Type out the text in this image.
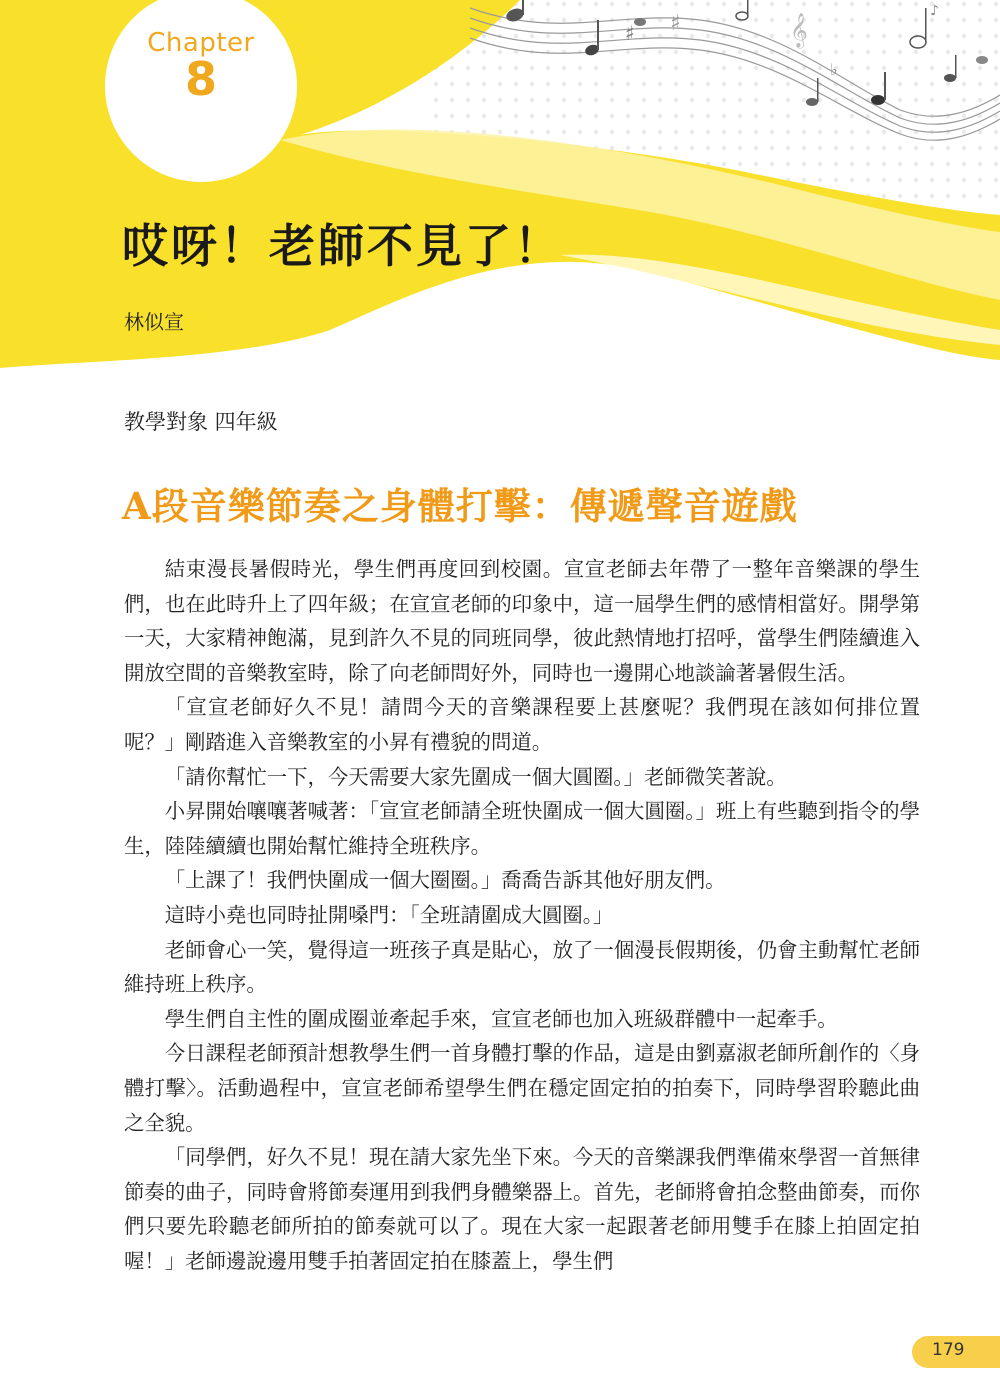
♯
♯	𝄞
♭
♪
Chapter
8
哎呀！老師不見了！
林似宣
教學對象 四年級
A段音樂節奏之身體打擊：傳遞聲音遊戲

結束漫長暑假時光，學生們再度回到校園。宣宣老師去年帶了一整年音樂課的學生們，也在此時升上了四年級；在宣宣老師的印象中，這一屆學生們的感情相當好。開學第一天，大家精神飽滿，見到許久不見的同班同學，彼此熱情地打招呼，當學生們陸續進入開放空間的音樂教室時，除了向老師問好外，同時也一邊開心地談論著暑假生活。

「宣宣老師好久不見！請問今天的音樂課程要上甚麼呢？我們現在該如何排位置呢？」剛踏進入音樂教室的小昇有禮貌的問道。

「請你幫忙一下，今天需要大家先圍成一個大圓圈。」老師微笑著說。

小昇開始嚷嚷著喊著：「宣宣老師請全班快圍成一個大圓圈。」班上有些聽到指令的學生，陸陸續續也開始幫忙維持全班秩序。

「上課了！我們快圍成一個大圈圈。」喬喬告訴其他好朋友們。

這時小堯也同時扯開嗓門：「全班請圍成大圓圈。」

老師會心一笑，覺得這一班孩子真是貼心，放了一個漫長假期後，仍會主動幫忙老師維持班上秩序。

學生們自主性的圍成圈並牽起手來，宣宣老師也加入班級群體中一起牽手。

今日課程老師預計想教學生們一首身體打擊的作品，這是由劉嘉淑老師所創作的〈身體打擊〉。活動過程中，宣宣老師希望學生們在穩定固定拍的拍奏下，同時學習聆聽此曲之全貌。

「同學們，好久不見！現在請大家先坐下來。今天的音樂課我們準備來學習一首無律節奏的曲子，同時會將節奏運用到我們身體樂器上。首先，老師將會拍念整曲節奏，而你們只要先聆聽老師所拍的節奏就可以了。現在大家一起跟著老師用雙手在膝上拍固定拍喔！」老師邊說邊用雙手拍著固定拍在膝蓋上，學生們

179
